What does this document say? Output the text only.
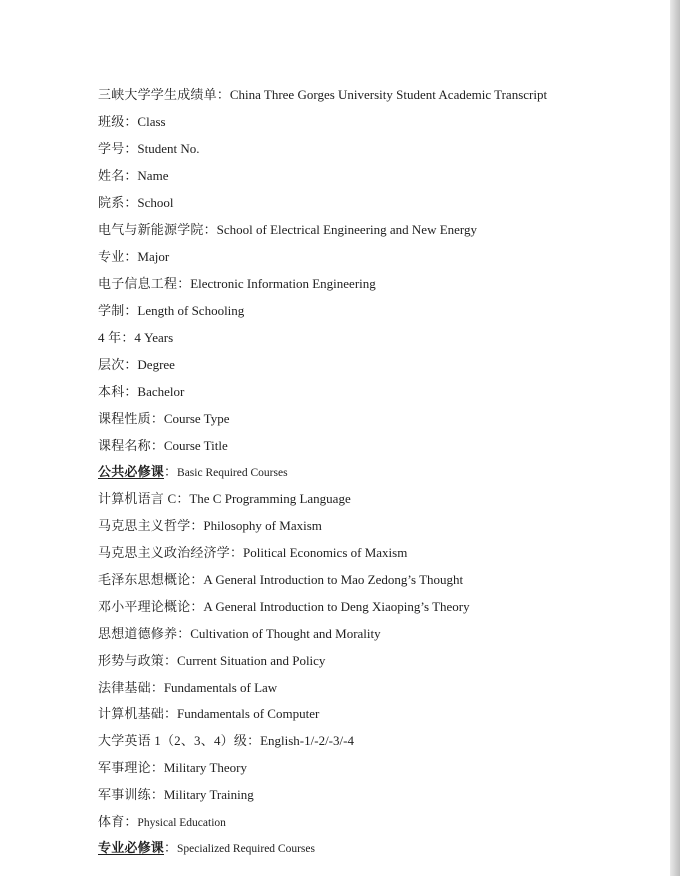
三峡大学学生成绩单：China Three Gorges University Student Academic Transcript
班级：Class
学号：Student No.
姓名：Name
院系：School
电气与新能源学院：School of Electrical Engineering and New Energy
专业：Major
电子信息工程：Electronic Information Engineering
学制：Length of Schooling
4 年：4 Years
层次：Degree
本科：Bachelor
课程性质：Course Type
课程名称：Course Title
公共必修课：Basic Required Courses
计算机语言 C：The C Programming Language
马克思主义哲学：Philosophy of Maxism
马克思主义政治经济学：Political Economics of Maxism
毛泽东思想概论：A General Introduction to Mao Zedong’s Thought
邓小平理论概论：A General Introduction to Deng Xiaoping’s Theory
思想道德修养：Cultivation of Thought and Morality
形势与政策：Current Situation and Policy
法律基础：Fundamentals of Law
计算机基础：Fundamentals of Computer
大学英语 1（2、3、4）级：English-1/-2/-3/-4
军事理论：Military Theory
军事训练：Military Training
体育：Physical Education
专业必修课：Specialized Required Courses
